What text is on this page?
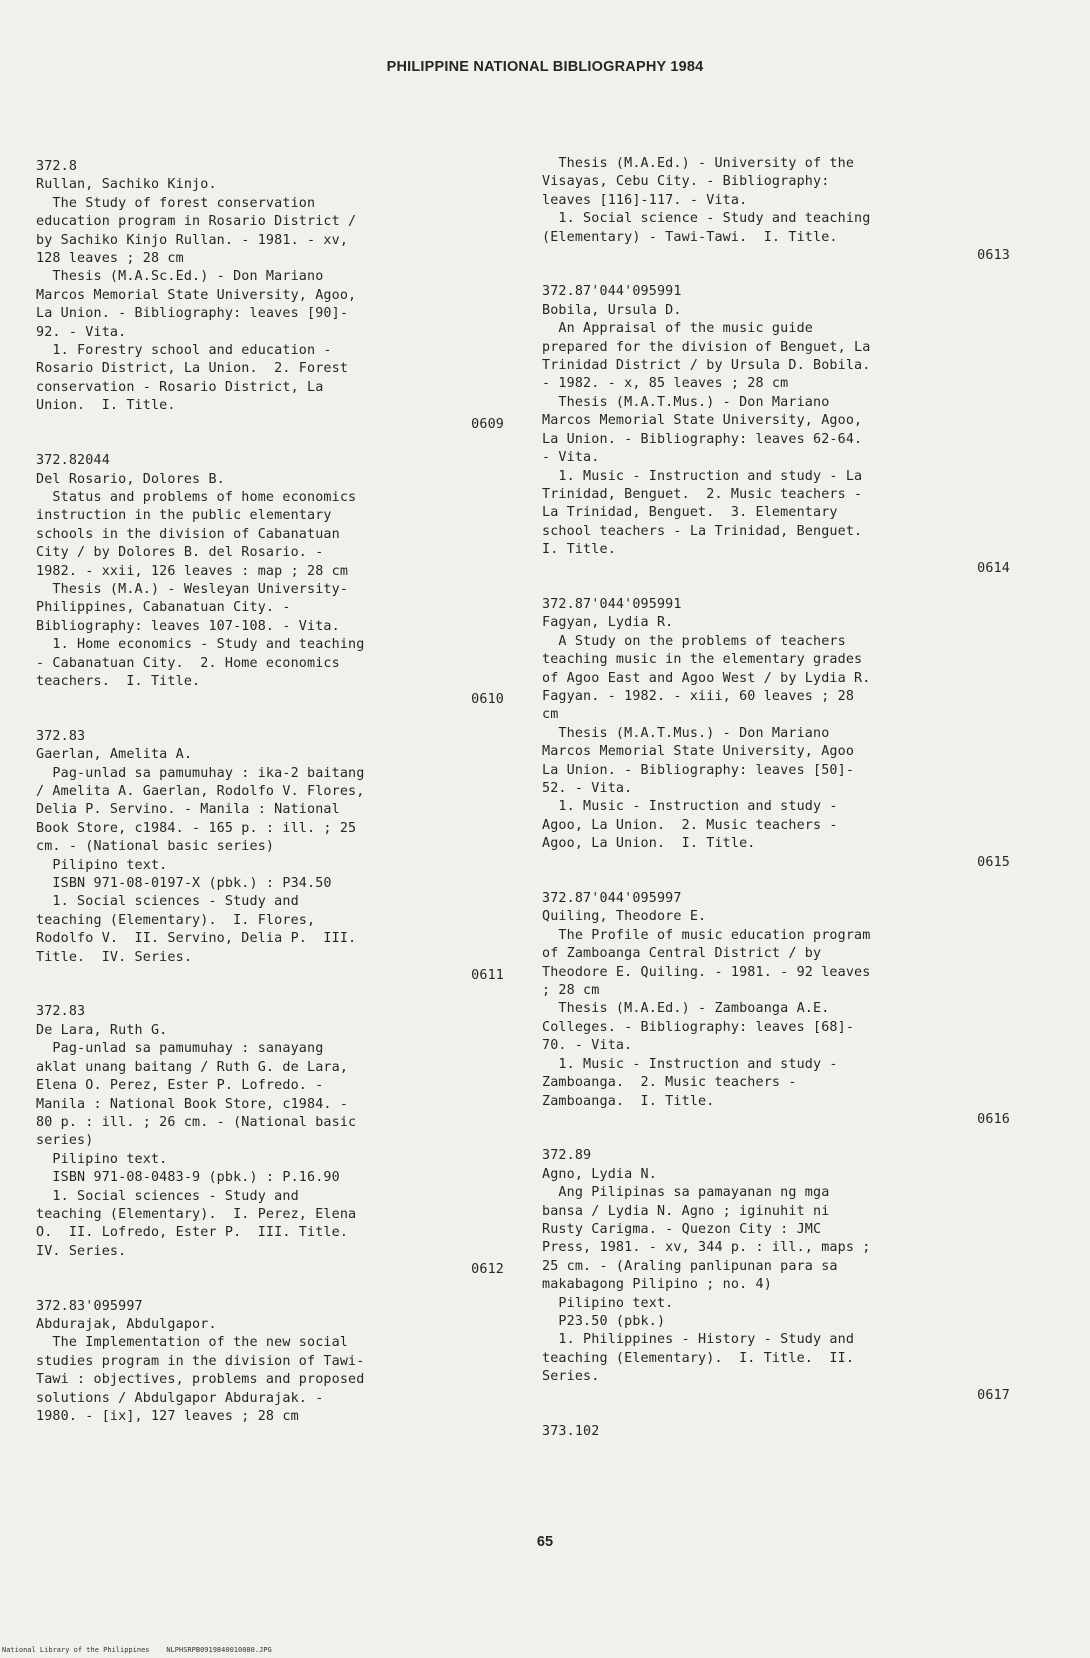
PHILIPPINE NATIONAL BIBLIOGRAPHY 1984
372.8
Rullan, Sachiko Kinjo.
The Study of forest conservation
education program in Rosario District /
by Sachiko Kinjo Rullan. - 1981. - xv,
128 leaves ; 28 cm
Thesis (M.A.Sc.Ed.) - Don Mariano
Marcos Memorial State University, Agoo,
La Union. - Bibliography: leaves [90]-
92. - Vita.
1. Forestry school and education -
Rosario District, La Union.  2. Forest
conservation - Rosario District, La
Union.  I. Title.
0609
372.82044
Del Rosario, Dolores B.
Status and problems of home economics
instruction in the public elementary
schools in the division of Cabanatuan
City / by Dolores B. del Rosario. -
1982. - xxii, 126 leaves : map ; 28 cm
Thesis (M.A.) - Wesleyan University-
Philippines, Cabanatuan City. -
Bibliography: leaves 107-108. - Vita.
1. Home economics - Study and teaching
- Cabanatuan City.  2. Home economics
teachers.  I. Title.
0610
372.83
Gaerlan, Amelita A.
Pag-unlad sa pamumuhay : ika-2 baitang
/ Amelita A. Gaerlan, Rodolfo V. Flores,
Delia P. Servino. - Manila : National
Book Store, c1984. - 165 p. : ill. ; 25
cm. - (National basic series)
Pilipino text.
ISBN 971-08-0197-X (pbk.) : P34.50
1. Social sciences - Study and
teaching (Elementary).  I. Flores,
Rodolfo V.  II. Servino, Delia P.  III.
Title.  IV. Series.
0611
372.83
De Lara, Ruth G.
Pag-unlad sa pamumuhay : sanayang
aklat unang baitang / Ruth G. de Lara,
Elena O. Perez, Ester P. Lofredo. -
Manila : National Book Store, c1984. -
80 p. : ill. ; 26 cm. - (National basic
series)
Pilipino text.
ISBN 971-08-0483-9 (pbk.) : P.16.90
1. Social sciences - Study and
teaching (Elementary).  I. Perez, Elena
O.  II. Lofredo, Ester P.  III. Title.
IV. Series.
0612
372.83'095997
Abdurajak, Abdulgapor.
The Implementation of the new social
studies program in the division of Tawi-
Tawi : objectives, problems and proposed
solutions / Abdulgapor Abdurajak. -
1980. - [ix], 127 leaves ; 28 cm
Thesis (M.A.Ed.) - University of the
Visayas, Cebu City. - Bibliography:
leaves [116]-117. - Vita.
1. Social science - Study and teaching
(Elementary) - Tawi-Tawi.  I. Title.
0613
372.87'044'095991
Bobila, Ursula D.
An Appraisal of the music guide
prepared for the division of Benguet, La
Trinidad District / by Ursula D. Bobila.
- 1982. - x, 85 leaves ; 28 cm
Thesis (M.A.T.Mus.) - Don Mariano
Marcos Memorial State University, Agoo,
La Union. - Bibliography: leaves 62-64.
- Vita.
1. Music - Instruction and study - La
Trinidad, Benguet.  2. Music teachers -
La Trinidad, Benguet.  3. Elementary
school teachers - La Trinidad, Benguet.
I. Title.
0614
372.87'044'095991
Fagyan, Lydia R.
A Study on the problems of teachers
teaching music in the elementary grades
of Agoo East and Agoo West / by Lydia R.
Fagyan. - 1982. - xiii, 60 leaves ; 28
cm
Thesis (M.A.T.Mus.) - Don Mariano
Marcos Memorial State University, Agoo
La Union. - Bibliography: leaves [50]-
52. - Vita.
1. Music - Instruction and study -
Agoo, La Union.  2. Music teachers -
Agoo, La Union.  I. Title.
0615
372.87'044'095997
Quiling, Theodore E.
The Profile of music education program
of Zamboanga Central District / by
Theodore E. Quiling. - 1981. - 92 leaves
; 28 cm
Thesis (M.A.Ed.) - Zamboanga A.E.
Colleges. - Bibliography: leaves [68]-
70. - Vita.
1. Music - Instruction and study -
Zamboanga.  2. Music teachers -
Zamboanga.  I. Title.
0616
372.89
Agno, Lydia N.
Ang Pilipinas sa pamayanan ng mga
bansa / Lydia N. Agno ; iginuhit ni
Rusty Carigma. - Quezon City : JMC
Press, 1981. - xv, 344 p. : ill., maps ;
25 cm. - (Araling panlipunan para sa
makabagong Pilipino ; no. 4)
Pilipino text.
P23.50 (pbk.)
1. Philippines - History - Study and
teaching (Elementary).  I. Title.  II.
Series.
0617
373.102
65
National Library of the Philippines    NLPHSRPB0919840010080.JPG
